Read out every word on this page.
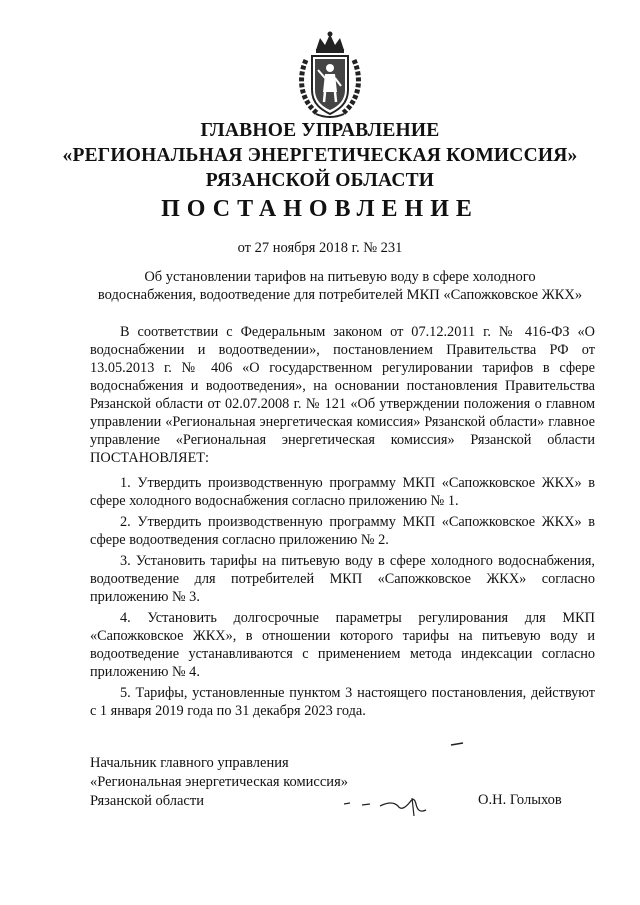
ГЛАВНОЕ УПРАВЛЕНИЕ
«РЕГИОНАЛЬНАЯ ЭНЕРГЕТИЧЕСКАЯ КОМИССИЯ»
РЯЗАНСКОЙ ОБЛАСТИ
ПОСТАНОВЛЕНИЕ
от 27 ноября 2018 г. № 231
Об установлении тарифов на питьевую воду в сфере холодного
водоснабжения, водоотведение для потребителей МКП «Сапожковское ЖКХ»
В соответствии с Федеральным законом от 07.12.2011 г. № 416-ФЗ «О водоснабжении и водоотведении», постановлением Правительства РФ от 13.05.2013 г. № 406 «О государственном регулировании тарифов в сфере водоснабжения и водоотведения», на основании постановления Правительства Рязанской области от 02.07.2008 г. № 121 «Об утверждении положения о главном управлении «Региональная энергетическая комиссия» Рязанской области» главное управление «Региональная энергетическая комиссия» Рязанской области ПОСТАНОВЛЯЕТ:

1. Утвердить производственную программу МКП «Сапожковское ЖКХ» в сфере холодного водоснабжения согласно приложению № 1.

2. Утвердить производственную программу МКП «Сапожковское ЖКХ» в сфере водоотведения согласно приложению № 2.

3. Установить тарифы на питьевую воду в сфере холодного водоснабжения, водоотведение для потребителей МКП «Сапожковское ЖКХ» согласно приложению № 3.

4. Установить долгосрочные параметры регулирования для МКП «Сапожковское ЖКХ», в отношении которого тарифы на питьевую воду и водоотведение устанавливаются с применением метода индексации согласно приложению № 4.

5. Тарифы, установленные пунктом 3 настоящего постановления, действуют с 1 января 2019 года по 31 декабря 2023 года.

Начальник главного управления
«Региональная энергетическая комиссия»
Рязанской области	О.Н. Голыхов
